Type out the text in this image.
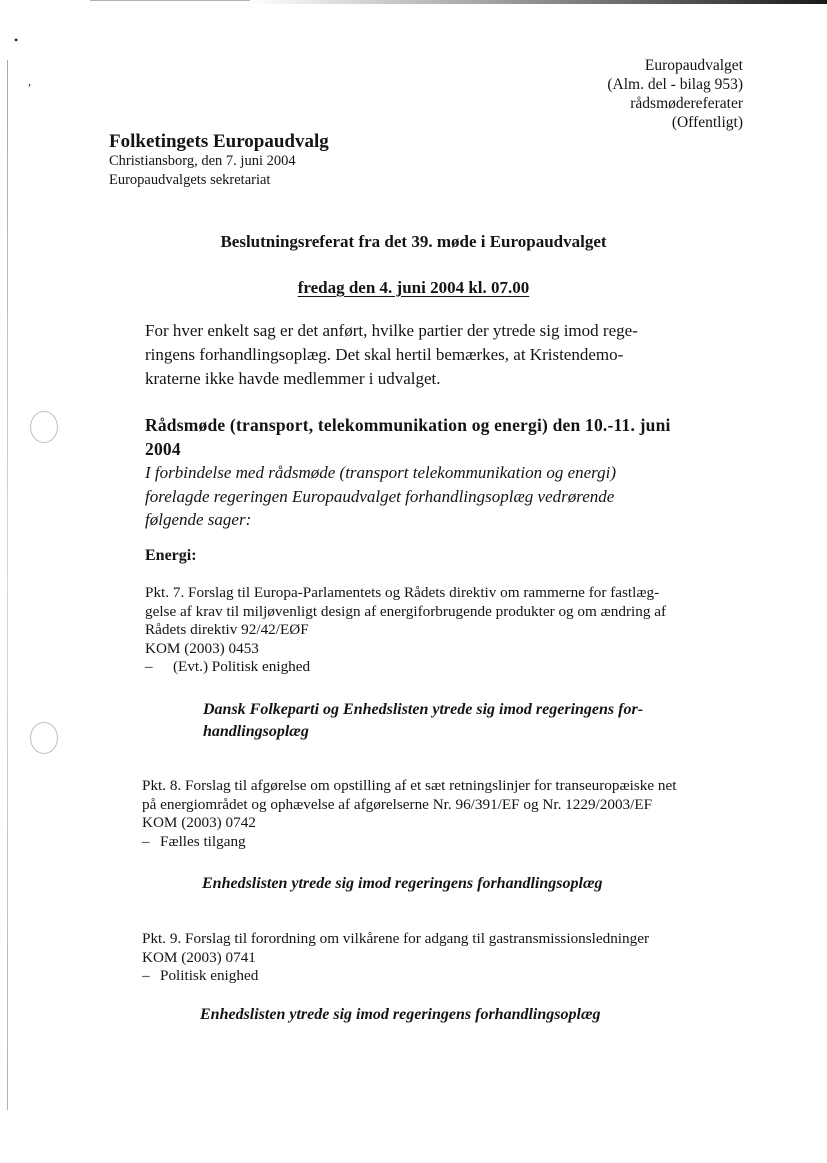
•
,
Europaudvalget
(Alm. del - bilag 953)
rådsmødereferater
(Offentligt)
Folketingets Europaudvalg
Christiansborg, den 7. juni 2004
Europaudvalgets sekretariat
Beslutningsreferat fra det 39. møde i Europaudvalget
fredag den 4. juni 2004 kl. 07.00
For hver enkelt sag er det anført, hvilke partier der ytrede sig imod rege-
ringens forhandlingsoplæg. Det skal hertil bemærkes, at Kristendemo-
kraterne ikke havde medlemmer i udvalget.
Rådsmøde (transport, telekommunikation og energi) den 10.-11. juni
2004
I forbindelse med rådsmøde (transport telekommunikation og energi)
forelagde regeringen Europaudvalget forhandlingsoplæg vedrørende
følgende sager:
Energi:
Pkt. 7. Forslag til Europa-Parlamentets og Rådets direktiv om rammerne for fastlæg-
gelse af krav til miljøvenligt design af energiforbrugende produkter og om ændring af
Rådets direktiv 92/42/EØF
KOM (2003) 0453
– (Evt.) Politisk enighed
Dansk Folkeparti og Enhedslisten ytrede sig imod regeringens for-
handlingsoplæg
Pkt. 8. Forslag til afgørelse om opstilling af et sæt retningslinjer for transeuropæiske net
på energiområdet og ophævelse af afgørelserne Nr. 96/391/EF og Nr. 1229/2003/EF
KOM (2003) 0742
– Fælles tilgang
Enhedslisten ytrede sig imod regeringens forhandlingsoplæg
Pkt. 9. Forslag til forordning om vilkårene for adgang til gastransmissionsledninger
KOM (2003) 0741
– Politisk enighed
Enhedslisten ytrede sig imod regeringens forhandlingsoplæg
